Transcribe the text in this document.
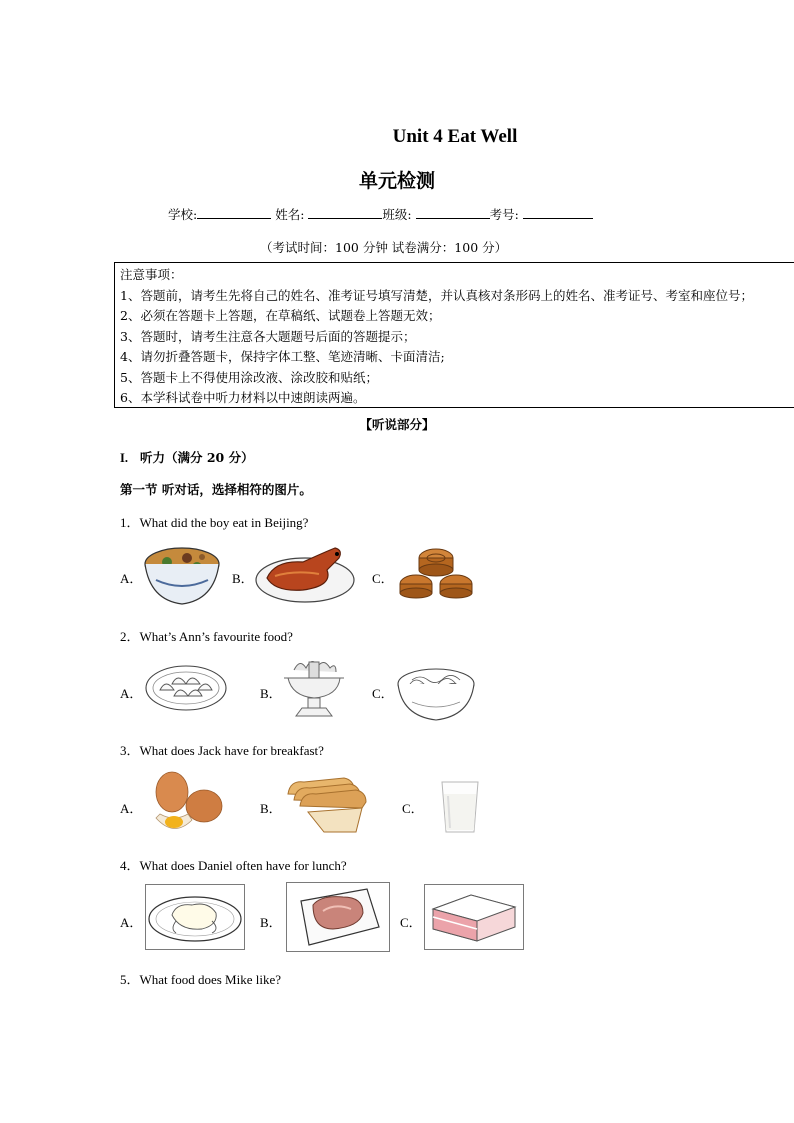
Unit 4 Eat Well
单元检测
学校:	姓名:	班级:	考号:
（考试时间：100 分钟 试卷满分：100 分）
注意事项：
1、答题前，请考生先将自己的姓名、准考证号填写清楚，并认真核对条形码上的姓名、准考证号、考室和座位号；
2、必须在答题卡上答题，在草稿纸、试题卷上答题无效；
3、答题时，请考生注意各大题题号后面的答题提示；
4、请勿折叠答题卡，保持字体工整、笔迹清晰、卡面清洁;
5、答题卡上不得使用涂改液、涂改胶和贴纸；
6、本学科试卷中听力材料以中速朗读两遍。
【听说部分】
I. 听力（满分 20 分）
第一节 听对话，选择相符的图片。
1．What did the boy eat in Beijing?
A．	B．	C．
2．What’s Ann’s favourite food?
A．	B．	C．
3．What does Jack have for breakfast?
A．	B．	C．
4．What does Daniel often have for lunch?
A．	B．	C．
5．What food does Mike like?
